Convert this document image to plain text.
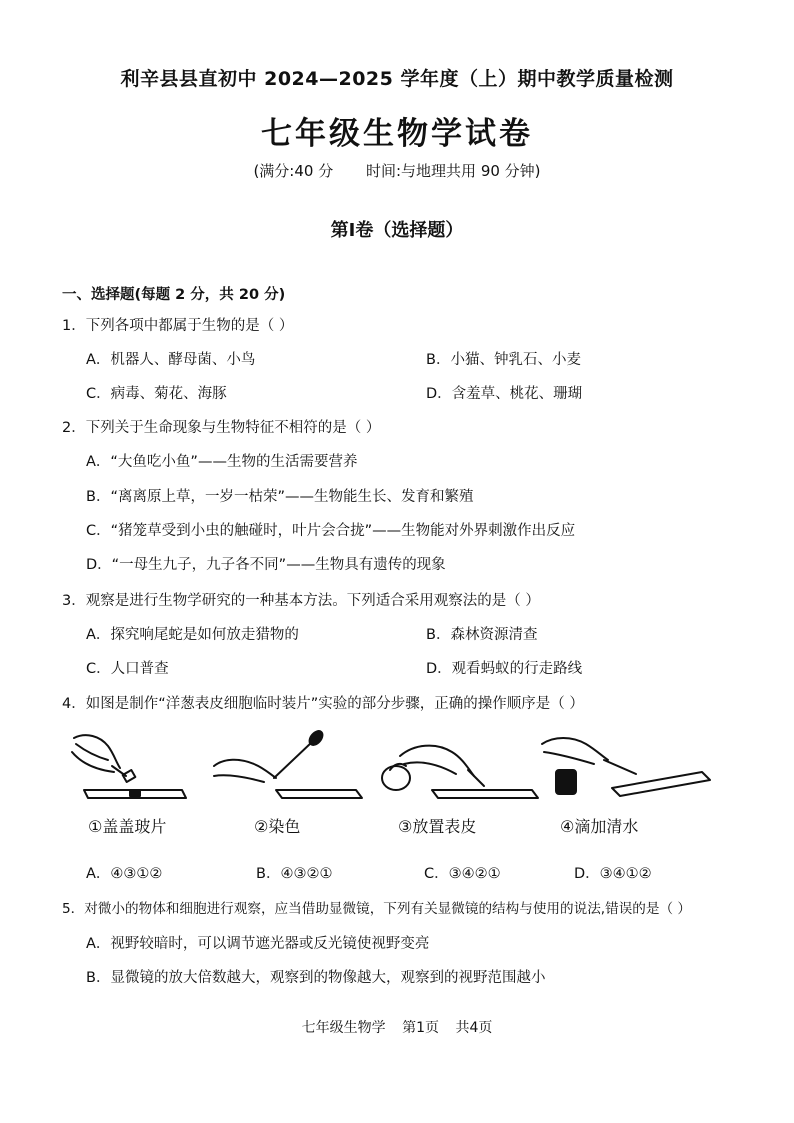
利辛县县直初中 2024—2025 学年度（上）期中教学质量检测
七年级生物学试卷
(满分:40 分 时间:与地理共用 90 分钟)
第Ⅰ卷（选择题）
一、选择题(每题 2 分，共 20 分)
1．下列各项中都属于生物的是（ ）
A．机器人、酵母菌、小鸟	B．小猫、钟乳石、小麦
C．病毒、菊花、海豚	D．含羞草、桃花、珊瑚
2．下列关于生命现象与生物特征不相符的是（ ）
A．“大鱼吃小鱼”——生物的生活需要营养
B．“离离原上草，一岁一枯荣”——生物能生长、发育和繁殖
C．“猪笼草受到小虫的触碰时，叶片会合拢”——生物能对外界刺激作出反应
D．“一母生九子，九子各不同”——生物具有遗传的现象
3．观察是进行生物学研究的一种基本方法。下列适合采用观察法的是（ ）
A．探究响尾蛇是如何放走猎物的	B．森林资源清查
C．人口普查	D．观看蚂蚁的行走路线
4．如图是制作“洋葱表皮细胞临时装片”实验的部分步骤，正确的操作顺序是（ ）
①盖盖玻片	②染色	③放置表皮	④滴加清水
A．④③①②	B．④③②①	C．③④②①	D．③④①②
5．对微小的物体和细胞进行观察，应当借助显微镜，下列有关显微镜的结构与使用的说法,错误的是（ ）
A．视野较暗时，可以调节遮光器或反光镜使视野变亮
B．显微镜的放大倍数越大，观察到的物像越大，观察到的视野范围越小
七年级生物学 第1页 共4页
